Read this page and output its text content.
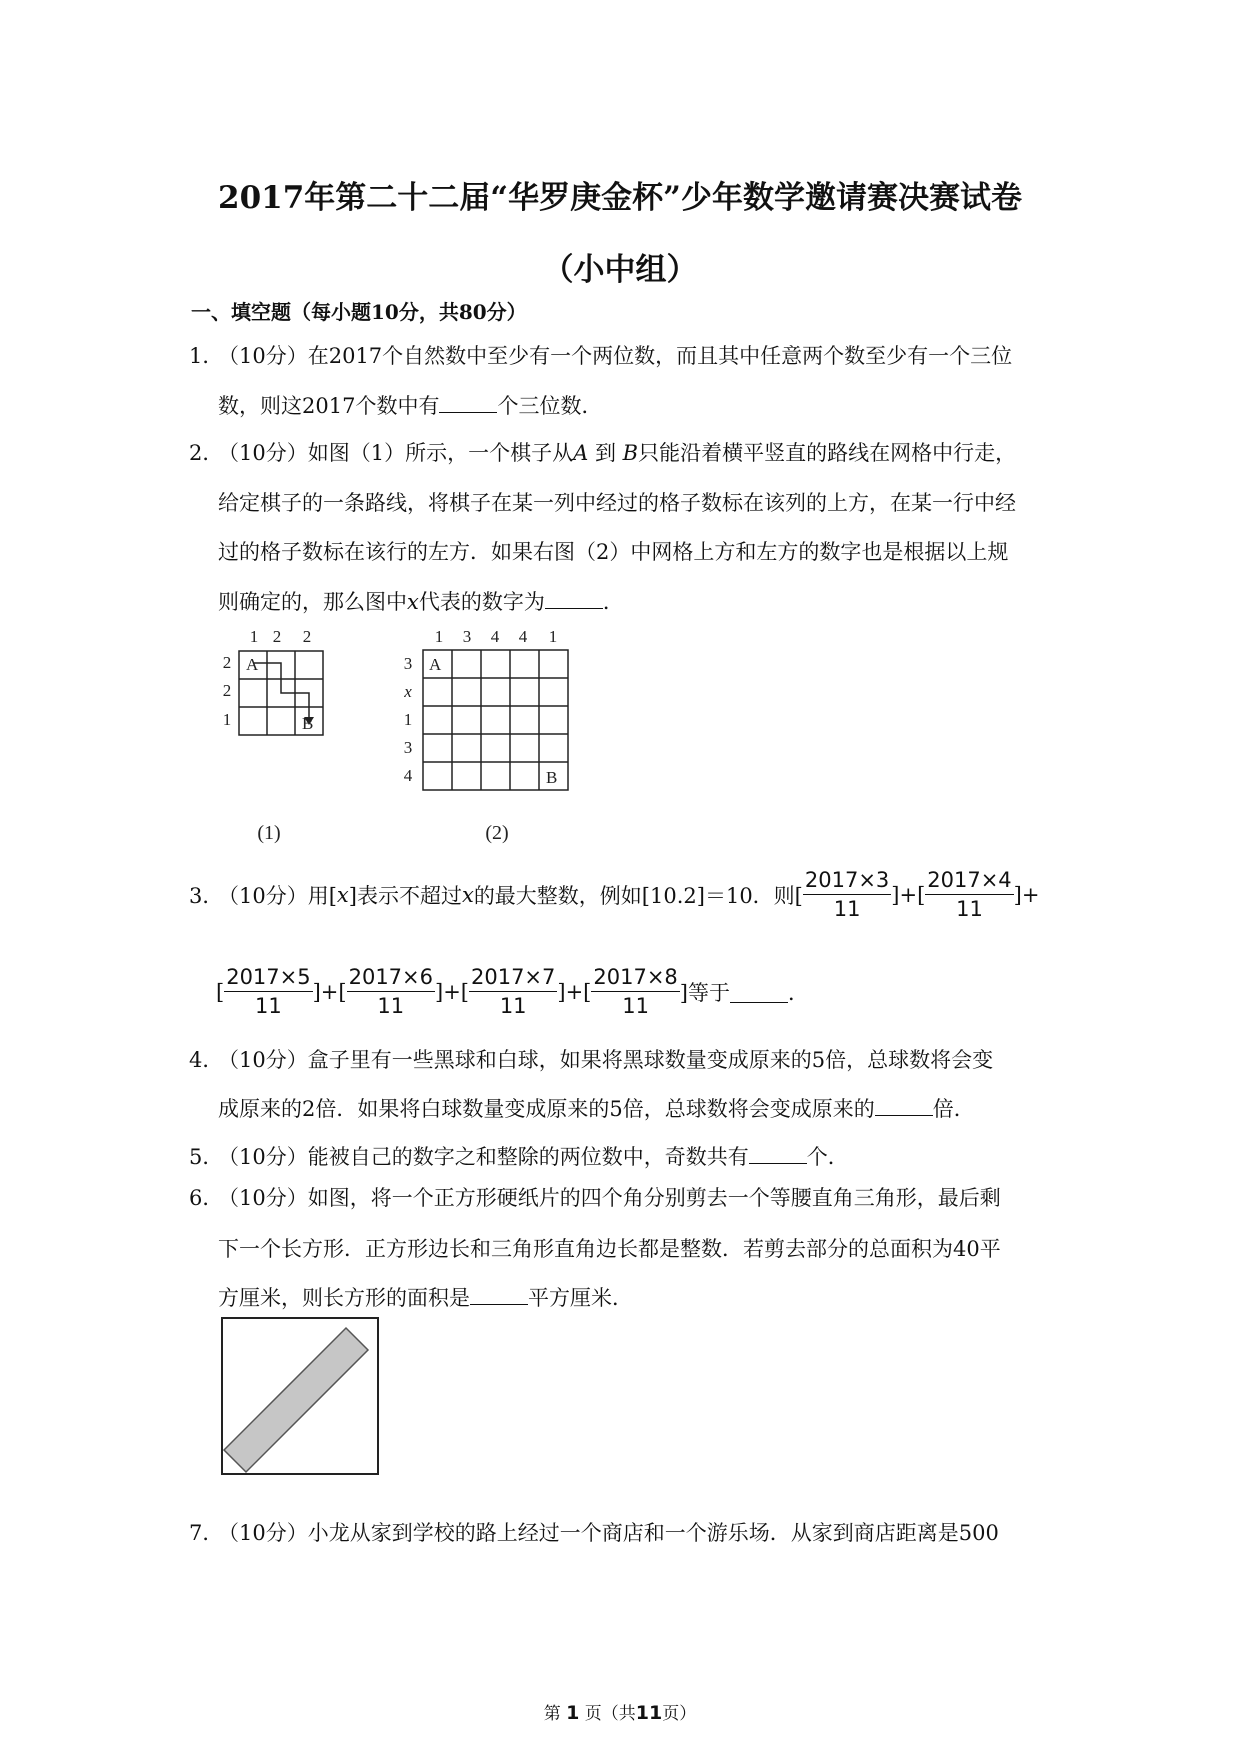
2017年第二十二届“华罗庚金杯”少年数学邀请赛决赛试卷
（小中组）
一、填空题（每小题10分，共80分）
1．
（10分）在2017个自然数中至少有一个两位数，而且其中任意两个数至少有一个三位
数，则这2017个数中有	个三位数．
2．
（10分）如图（1）所示，一个棋子从A 到 B只能沿着横平竖直的路线在网格中行走，
给定棋子的一条路线，将棋子在某一列中经过的格子数标在该列的上方，在某一行中经
过的格子数标在该行的左方．如果右图（2）中网格上方和左方的数字也是根据以上规
则确定的，那么图中x代表的数字为	．
1 2 2
2
2
1
A
B
(1)
1 3 4 4 1
3
x
1
3
4
A
B
(2)
3．
（10分）用[ x ]表示不超过 x 的最大整数，例如[10.2]＝10．则[ $\frac{2017\times 3}{11}$ ]+[ $\frac{2017\times 4}{11}$ ]+
[ $\frac{2017\times 5}{11}$ ]+[ $\frac{2017\times 6}{11}$ ]+[ $\frac{2017\times 7}{11}$ ]+[ $\frac{2017\times 8}{11}$ ]等于	．
4．
（10分）盒子里有一些黑球和白球，如果将黑球数量变成原来的5倍，总球数将会变
成原来的2倍．如果将白球数量变成原来的5倍，总球数将会变成原来的	倍．
5．
（10分）能被自己的数字之和整除的两位数中，奇数共有	个．
6．
（10分）如图，将一个正方形硬纸片的四个角分别剪去一个等腰直角三角形，最后剩
下一个长方形．正方形边长和三角形直角边长都是整数．若剪去部分的总面积为40平
方厘米，则长方形的面积是	平方厘米．
7．
（10分）小龙从家到学校的路上经过一个商店和一个游乐场．从家到商店距离是500
第 1 页（共11页）
